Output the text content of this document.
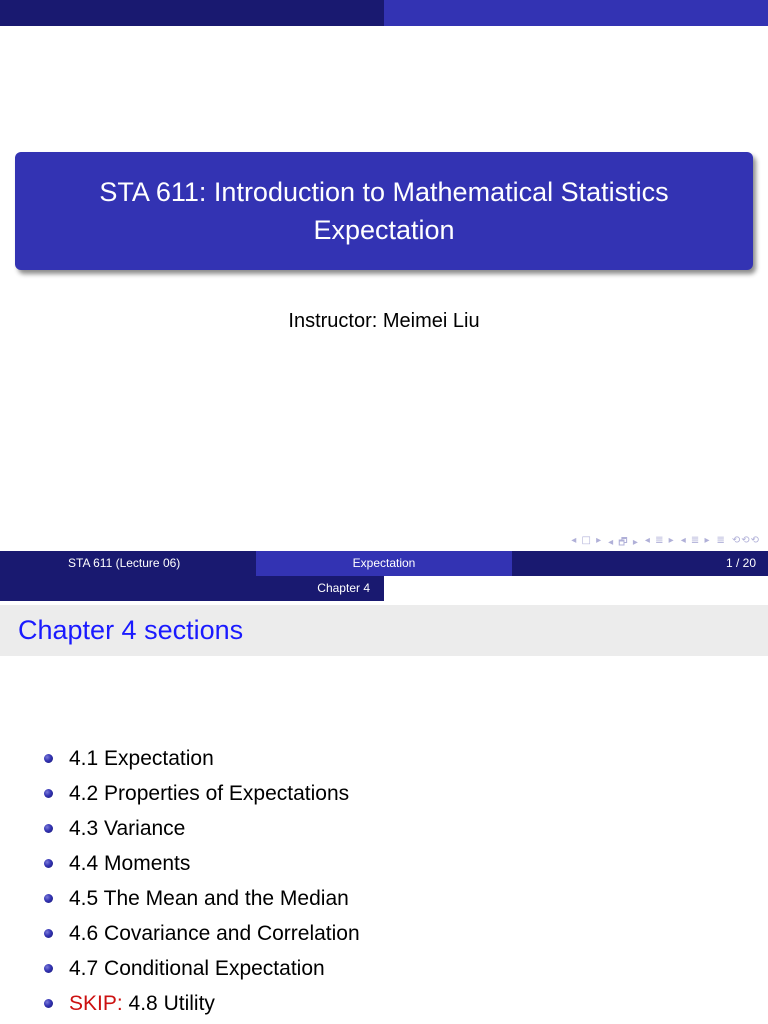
STA 611: Introduction to Mathematical Statistics
Expectation
Instructor: Meimei Liu
◂ □ ▸ ◂ 🗗 ▸ ◂ ≣ ▸ ◂ ≣ ▸ ≣ ⟲⟲⟲
STA 611 (Lecture 06)	Expectation	1 / 20
Chapter 4
Chapter 4 sections
4.1 Expectation
4.2 Properties of Expectations
4.3 Variance
4.4 Moments
4.5 The Mean and the Median
4.6 Covariance and Correlation
4.7 Conditional Expectation
SKIP: 4.8 Utility
